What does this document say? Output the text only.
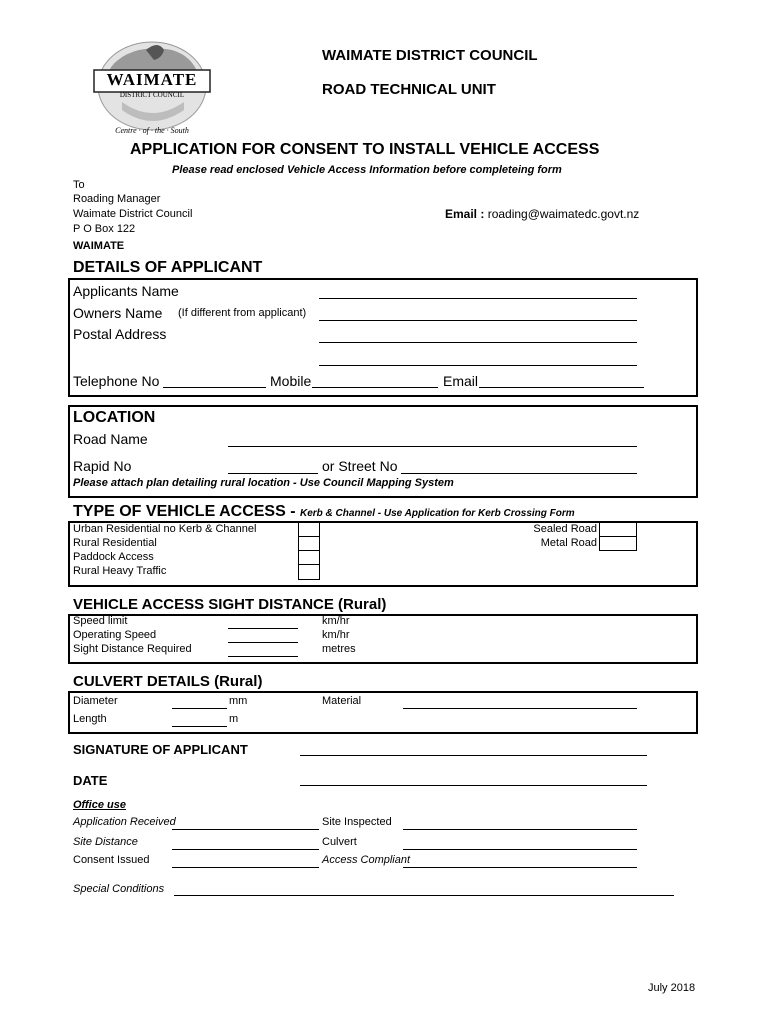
WAIMATE
DISTRICT COUNCIL
Centre · of · the · South
WAIMATE DISTRICT COUNCIL
ROAD TECHNICAL UNIT
APPLICATION FOR CONSENT TO INSTALL VEHICLE ACCESS
Please read enclosed Vehicle Access Information before completeing form
To
Roading Manager
Waimate District Council
P O Box 122
WAIMATE
Email : roading@waimatedc.govt.nz
DETAILS OF APPLICANT
Applicants Name
Owners Name (If different from applicant)
Postal Address
Telephone No	Mobile	Email
LOCATION
Road Name
Rapid No	or Street No
Please attach plan detailing rural location - Use Council Mapping System
TYPE OF VEHICLE ACCESS - Kerb & Channel - Use Application for Kerb Crossing Form
Urban Residential no Kerb & Channel
Rural Residential
Paddock Access
Rural Heavy Traffic
Sealed Road
Metal Road
VEHICLE ACCESS SIGHT DISTANCE (Rural)
Speed limit	km/hr
Operating Speed	km/hr
Sight Distance Required	metres
CULVERT DETAILS (Rural)
Diameter	mm	Material
Length	m
SIGNATURE OF APPLICANT
DATE
Office use
Application Received	Site Inspected
Site Distance	Culvert
Consent Issued	Access Compliant
Special Conditions
July 2018
